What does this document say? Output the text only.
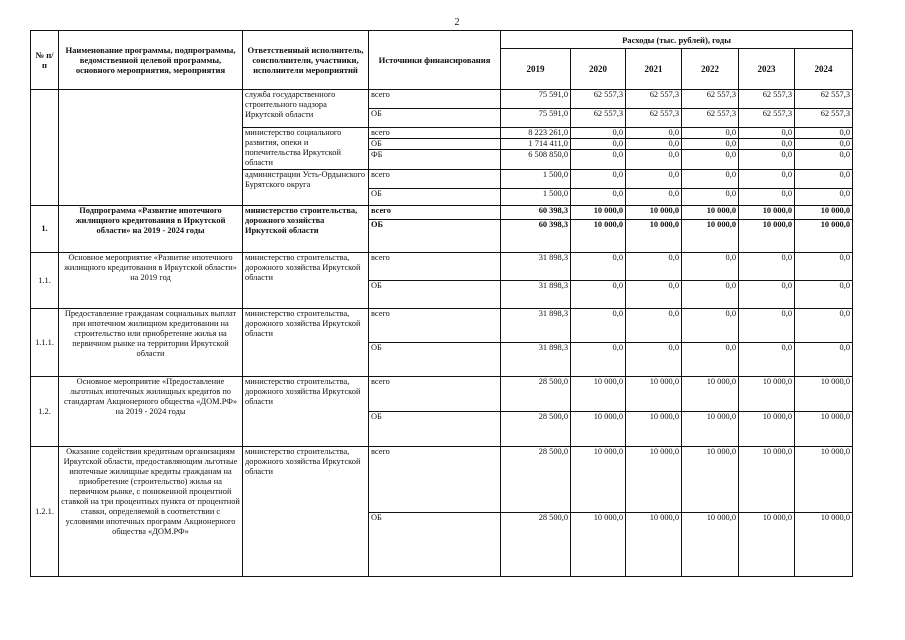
2
№ п/п	Наименование программы, подпрограммы, ведомственной целевой программы, основного мероприятия, мероприятия	Ответственный исполнитель, соисполнители, участники, исполнители мероприятий	Источники финансирования	Расходы (тыс. рублей), годы					
				2019	2020	2021	2022	2023	2024
		служба государственного строительного надзора Иркутской области	всего	75 591,0	62 557,3	62 557,3	62 557,3	62 557,3	62 557,3
			ОБ	75 591,0	62 557,3	62 557,3	62 557,3	62 557,3	62 557,3
		министерство социального развития, опеки и попечительства Иркутской области	всего	8 223 261,0	0,0	0,0	0,0	0,0	0,0
			ОБ	1 714 411,0	0,0	0,0	0,0	0,0	0,0
			ФБ	6 508 850,0	0,0	0,0	0,0	0,0	0,0
		администрации Усть-Ордынского Бурятского округа	всего	1 500,0	0,0	0,0	0,0	0,0	0,0
			ОБ	1 500,0	0,0	0,0	0,0	0,0	0,0
1.	Подпрограмма «Развитие ипотечного жилищного кредитования в Иркутской области» на 2019 - 2024 годы	министерство строительства, дорожного хозяйства Иркутской области	всего	60 398,3	10 000,0	10 000,0	10 000,0	10 000,0	10 000,0
			ОБ	60 398,3	10 000,0	10 000,0	10 000,0	10 000,0	10 000,0
1.1.	Основное мероприятие «Развитие ипотечного жилищного кредитования в Иркутской области» на 2019 год	министерство строительства, дорожного хозяйства Иркутской области	всего	31 898,3	0,0	0,0	0,0	0,0	0,0
			ОБ	31 898,3	0,0	0,0	0,0	0,0	0,0
1.1.1.	Предоставление гражданам социальных выплат при ипотечном жилищном кредитовании на строительство или приобретение жилья на первичном рынке на территории Иркутской области	министерство строительства, дорожного хозяйства Иркутской области	всего	31 898,3	0,0	0,0	0,0	0,0	0,0
			ОБ	31 898,3	0,0	0,0	0,0	0,0	0,0
1.2.	Основное мероприятие «Предоставление льготных ипотечных жилищных кредитов по стандартам Акционерного общества «ДОМ.РФ» на 2019 - 2024 годы	министерство строительства, дорожного хозяйства Иркутской области	всего	28 500,0	10 000,0	10 000,0	10 000,0	10 000,0	10 000,0
			ОБ	28 500,0	10 000,0	10 000,0	10 000,0	10 000,0	10 000,0
1.2.1.	Оказание содействия кредитным организациям Иркутской области, предоставляющим льготные ипотечные жилищные кредиты гражданам на приобретение (строительство) жилья на первичном рынке, с пониженной процентной ставкой на три процентных пункта от процентной ставки, определяемой в соответствии с условиями ипотечных программ Акционерного общества «ДОМ.РФ»	министерство строительства, дорожного хозяйства Иркутской области	всего	28 500,0	10 000,0	10 000,0	10 000,0	10 000,0	10 000,0
			ОБ	28 500,0	10 000,0	10 000,0	10 000,0	10 000,0	10 000,0
